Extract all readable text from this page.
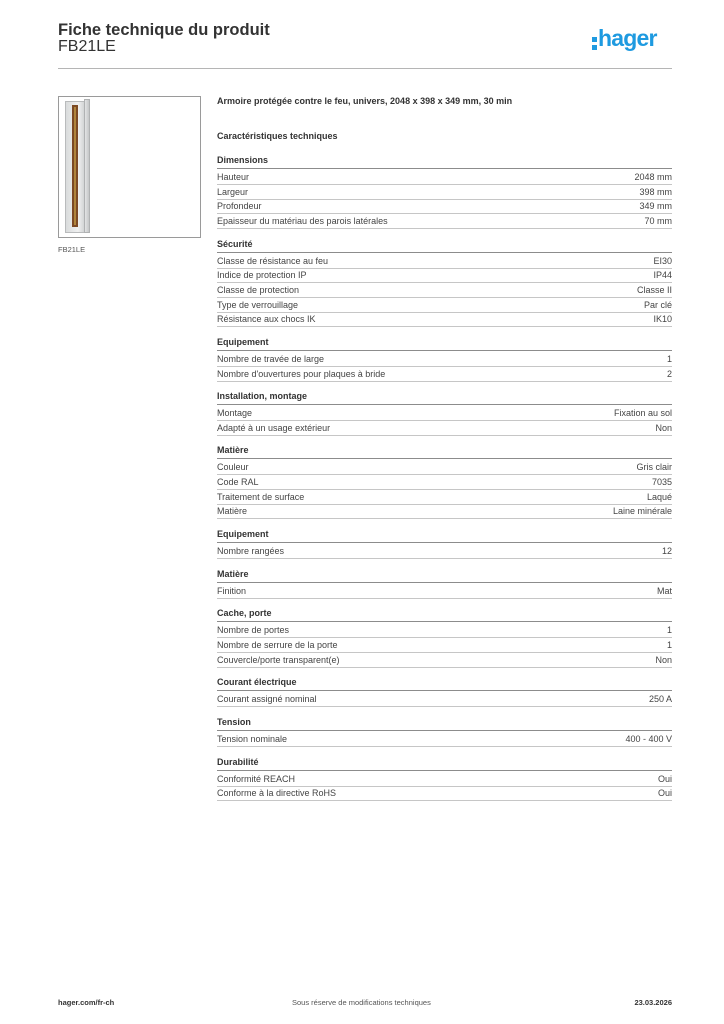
Fiche technique du produit
FB21LE	hager
FB21LE
Armoire protégée contre le feu, univers, 2048 x 398 x 349 mm, 30 min
Caractéristiques techniques
Dimensions
Hauteur	2048 mm
Largeur	398 mm
Profondeur	349 mm
Epaisseur du matériau des parois latérales	70 mm
Sécurité
Classe de résistance au feu	EI30
Indice de protection IP	IP44
Classe de protection	Classe II
Type de verrouillage	Par clé
Résistance aux chocs IK	IK10
Equipement
Nombre de travée de large	1
Nombre d'ouvertures pour plaques à bride	2
Installation, montage
Montage	Fixation au sol
Adapté à un usage extérieur	Non
Matière
Couleur	Gris clair
Code RAL	7035
Traitement de surface	Laqué
Matière	Laine minérale
Equipement
Nombre rangées	12
Matière
Finition	Mat
Cache, porte
Nombre de portes	1
Nombre de serrure de la porte	1
Couvercle/porte transparent(e)	Non
Courant électrique
Courant assigné nominal	250 A
Tension
Tension nominale	400 - 400 V
Durabilité
Conformité REACH	Oui
Conforme à la directive RoHS	Oui
hager.com/fr-ch	Sous réserve de modifications techniques	23.03.2026
